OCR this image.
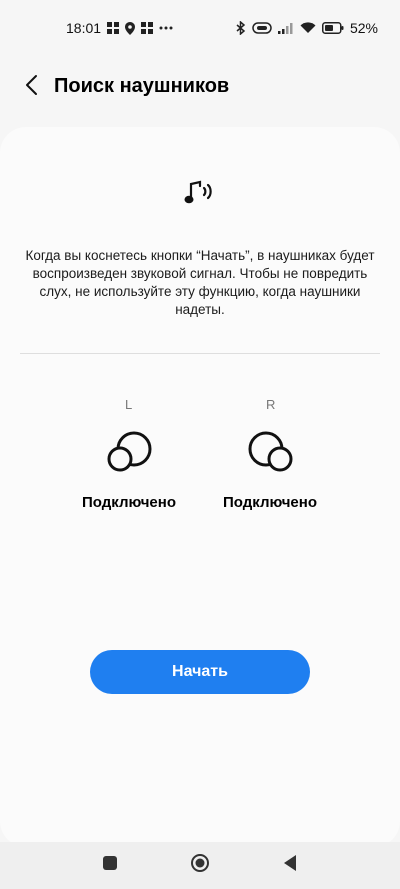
18:01	52%
Поиск наушников
Когда вы коснетесь кнопки “Начать”, в наушниках будет воспроизведен звуковой сигнал. Чтобы не повредить слух, не используйте эту функцию, когда наушники надеты.
L
Подключено
R
Подключено
Начать
